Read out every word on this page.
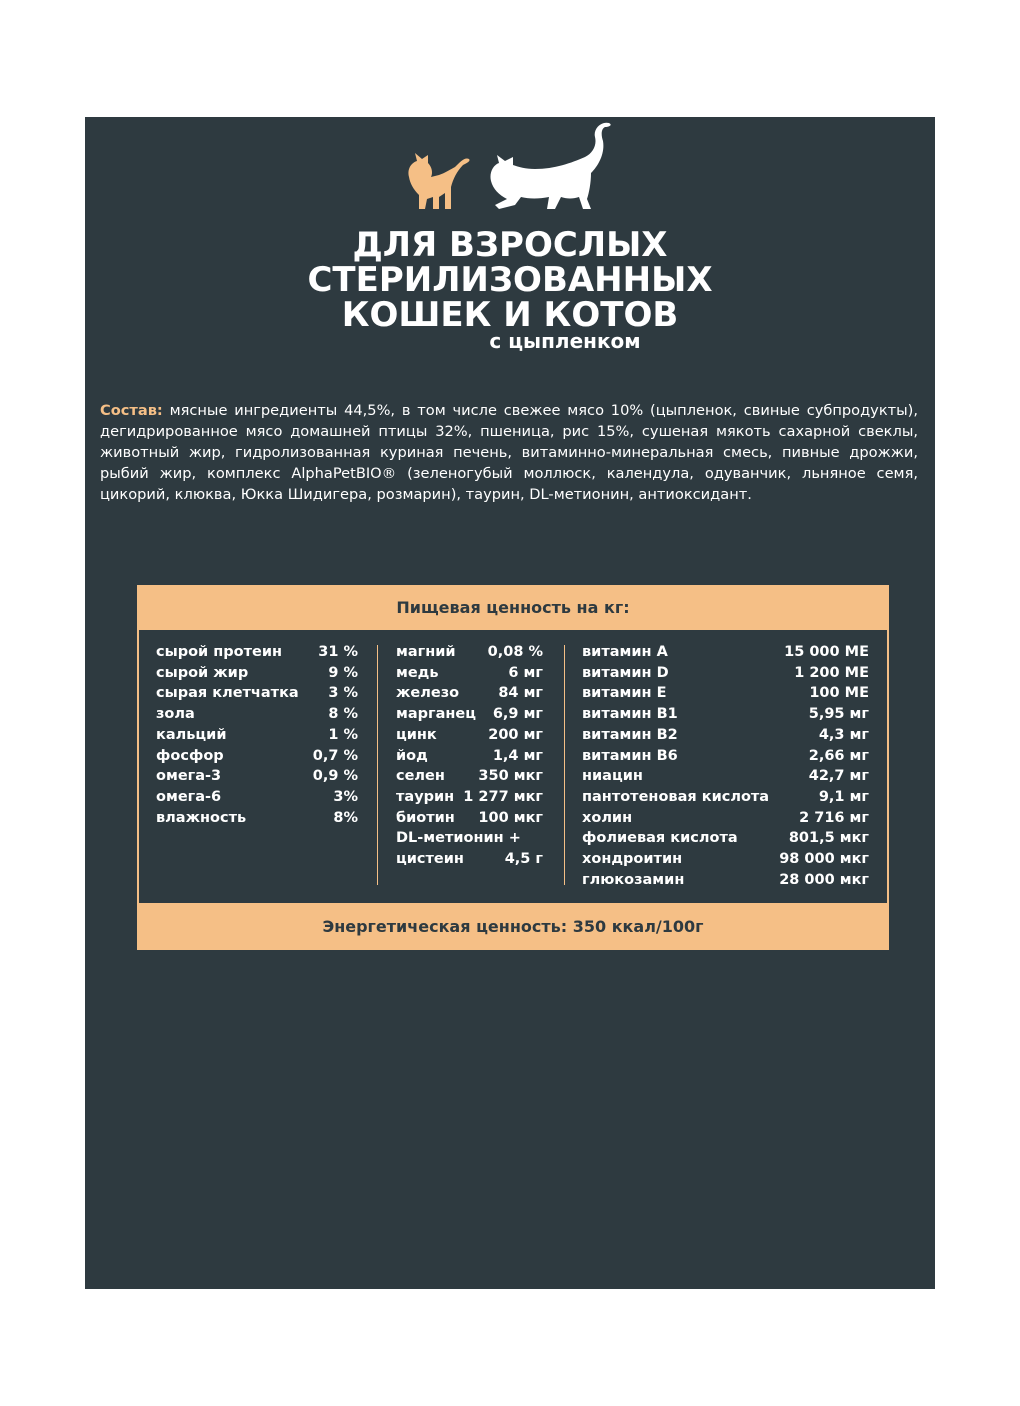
ДЛЯ ВЗРОСЛЫХ
СТЕРИЛИЗОВАННЫХ
КОШЕК И КОТОВ
с цыпленком
Состав: мясные ингредиенты 44,5%, в том числе свежее мясо 10% (цыпленок, свиные субпродукты), дегидрированное мясо домашней птицы 32%, пшеница, рис 15%, сушеная мякоть сахарной свеклы, животный жир, гидролизованная куриная печень, витаминно-минеральная смесь, пивные дрожжи, рыбий жир, комплекс AlphaPetBIO® (зеленогубый моллюск, календула, одуванчик, льняное семя, цикорий, клюква, Юкка Шидигера, розмарин), таурин, DL-метионин, антиоксидант.
Пищевая ценность на кг:
сырой протеин 31 %
сырой жир	9 %
сырая клетчатка 3 %
зола	8 %
кальций	1 %
фосфор	0,7 %
омега-3	0,9 %
омега-6	3%
влажность	8%
магний 0,08 %
медь	6 мг
железо	84 мг
марганец 6,9 мг
цинк	200 мг
йод	1,4 мг
селен 350 мкг
таурин 1 277 мкг
биотин 100 мкг
DL-метионин +
цистеин	4,5 г
витамин А	15 000 МЕ
витамин D	1 200 МЕ
витамин Е	100 МЕ
витамин В1	5,95 мг
витамин В2	4,3 мг
витамин В6	2,66 мг
ниацин	42,7 мг
пантотеновая кислота	9,1 мг
холин	2 716 мг
фолиевая кислота	801,5 мкг
хондроитин	98 000 мкг
глюкозамин	28 000 мкг
Энергетическая ценность: 350 ккал/100г
